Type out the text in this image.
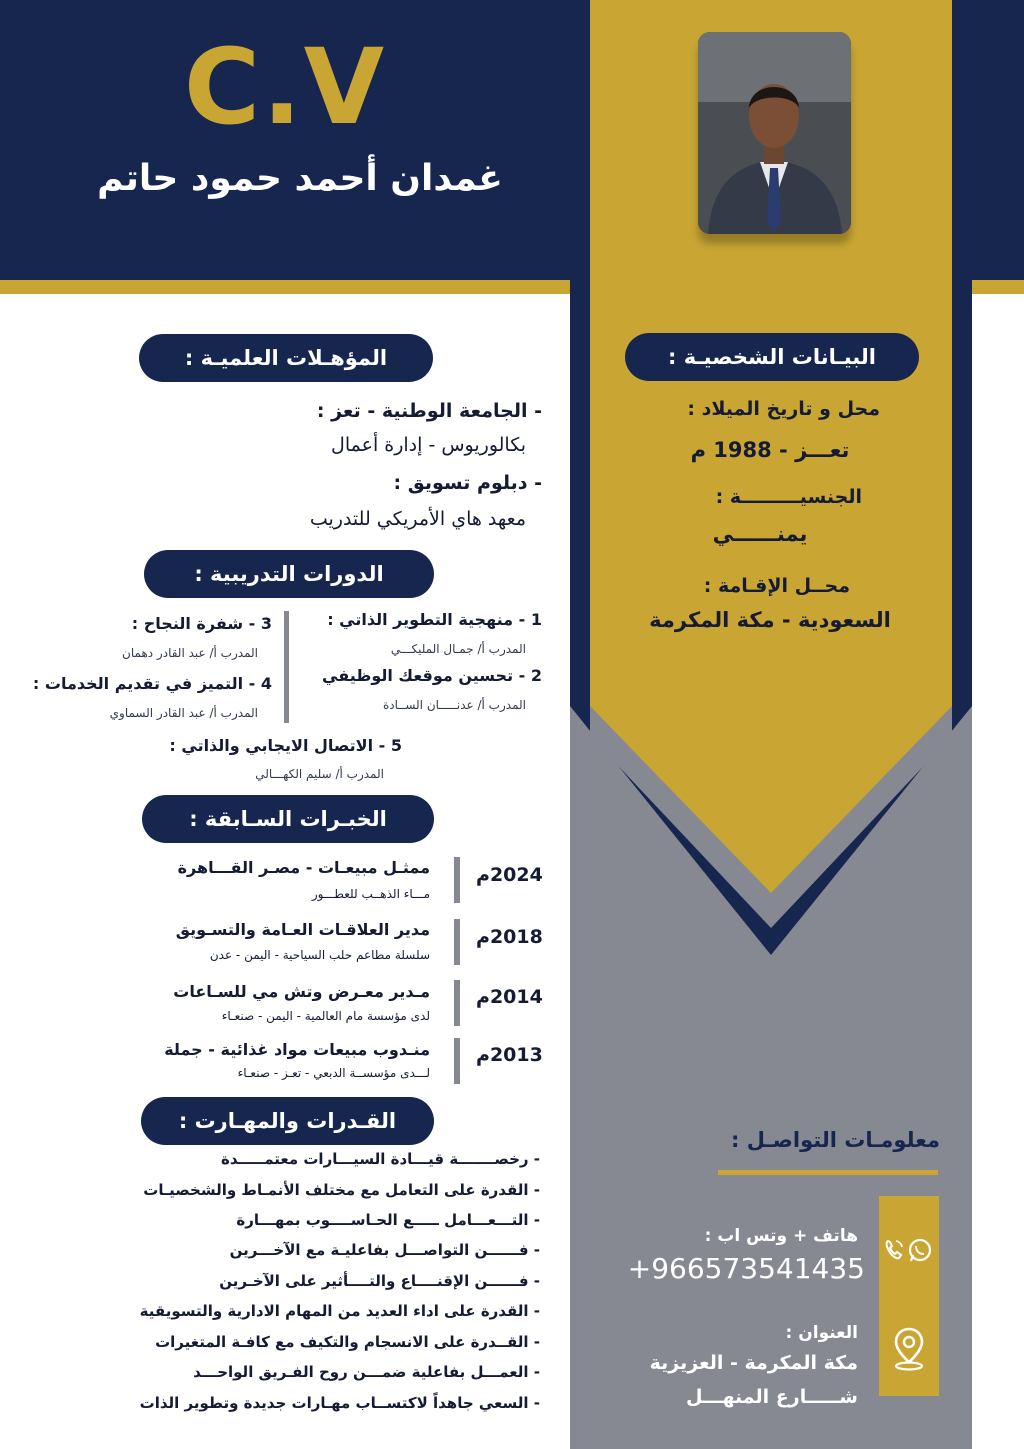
C.V
غمدان أحمد حمود حاتم
البيـانات الشخصيـة :
محل و تاريخ الميلاد :
تعـــز - 1988 م
الجنسيـــــــــة :
يمنــــــي
محــل الإقـامة :
السعودية - مكة المكرمة
المؤهـلات العلميـة :
- الجامعة الوطنية - تعز :
بكالوريوس - إدارة أعمال
- دبلوم تسويق :
معهد هاي الأمريكي للتدريب
الدورات التدريبية :
1 - منهجية التطوير الذاتي :
المدرب أ/ جمـال المليكـــي
2 - تحسين موقعك الوظيفي
المدرب أ/ عدنـــــان الســادة
3 - شفرة النجاح :
المدرب أ/ عبد القادر دهمان
4 - التميز في تقديم الخدمات :
المدرب أ/ عبد القادر السماوي
5 - الاتصال الايجابي والذاتي :
المدرب أ/ سليم الكهـــالي
الخبـرات السـابقة :
2024م
ممثـل مبيعـات - مصـر القـــاهرة
مـــاء الذهــب للعطـــور
2018م
مدير العلاقـات العـامة والتسـويق
سلسلة مطاعم حلب السياحية - اليمن - عدن
2014م
مـدير معـرض وتش مي للسـاعات
لدى مؤسسة مام العالمية - اليمن - صنعـاء
2013م
منـدوب مبيعات مواد غذائية - جملة
لـــدى مؤسســة الدبعي - تعـز - صنعـاء
القـدرات والمهـارت :
- رخصـــــــة قيـــادة السيـــارات معتمـــــدة
- القدرة على التعامل مع مختلف الأنمـاط والشخصيـات
- التـــعـــامل ـــــع الحـاســــوب بمهـــارة
- فــــــن التواصـــل بفاعليـة مع الآخـــرين
- فــــــن الإقنــــاع والتــــأثير على الآخـرين
- القدرة على اداء العديد من المهام الادارية والتسويقية
- القــدرة على الانسجام والتكيف مع كافـة المتغيرات
- العمـــل بفاعلية ضمـــن روح الفـريق الواحـــد
- السعي جاهداً لاكتســاب مهـارات جديدة وتطوير الذات
معلومـات التواصـل :
هاتف + وتس اب :
+966573541435
العنوان :
مكة المكرمة - العزيزية
شـــــارع المنهـــل
